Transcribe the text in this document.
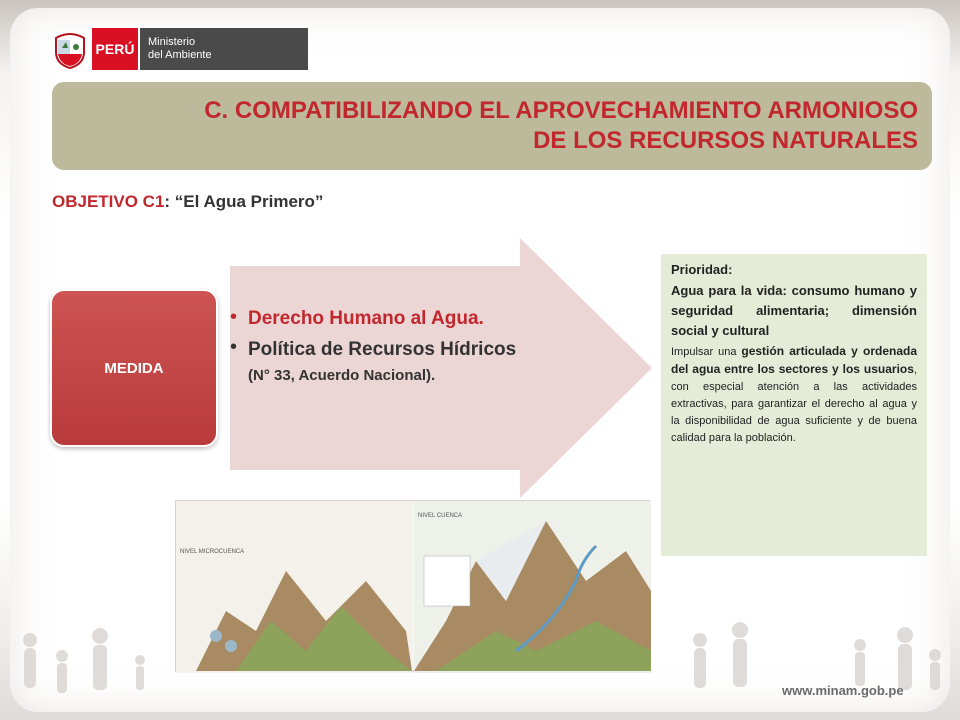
PERÚ	Ministerio
del Ambiente
C. COMPATIBILIZANDO EL APROVECHAMIENTO ARMONIOSO
DE LOS RECURSOS NATURALES
OBJETIVO C1: “El Agua Primero”
• Derecho Humano al Agua.
• Política de Recursos Hídricos (N° 33, Acuerdo Nacional).
MEDIDA
Prioridad:
Agua para la vida: consumo humano y seguridad alimentaria; dimensión social y cultural
Impulsar una gestión articulada y ordenada del agua entre los sectores y los usuarios, con especial atención a las actividades extractivas, para garantizar el derecho al agua y la disponibilidad de agua suficiente y de buena calidad para la población.
NIVEL MICROCUENCA
NIVEL CUENCA
www.minam.gob.pe
